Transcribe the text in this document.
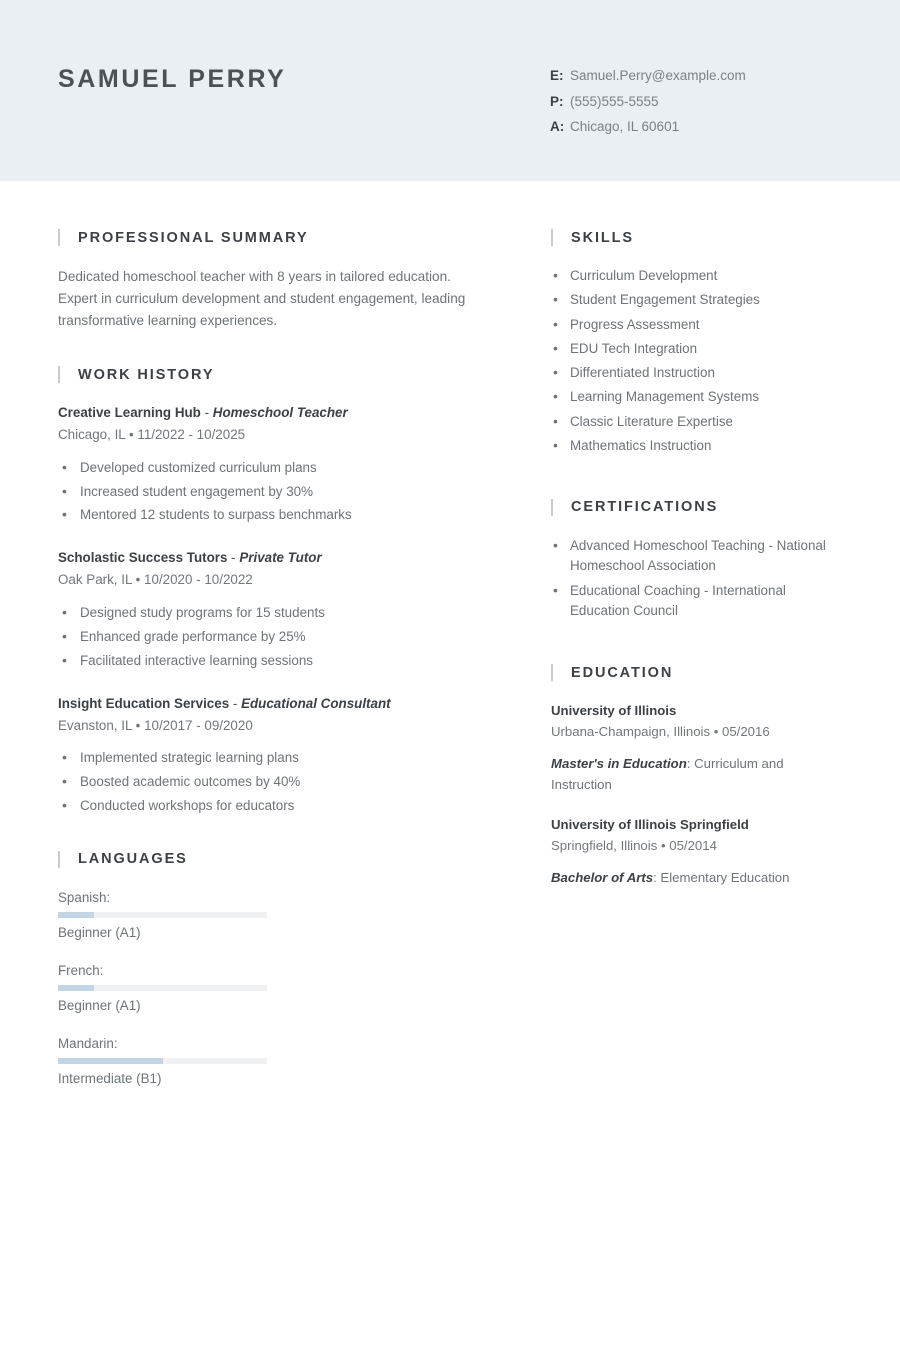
SAMUEL PERRY	E: Samuel.Perry@example.com
P: (555)555-5555
A: Chicago, IL 60601
PROFESSIONAL SUMMARY

Dedicated homeschool teacher with 8 years in tailored education. Expert in curriculum development and student engagement, leading transformative learning experiences.

WORK HISTORY
Creative Learning Hub - Homeschool Teacher
Chicago, IL • 11/2022 - 10/2025
• Developed customized curriculum plans
• Increased student engagement by 30%
• Mentored 12 students to surpass benchmarks
Scholastic Success Tutors - Private Tutor
Oak Park, IL • 10/2020 - 10/2022
• Designed study programs for 15 students
• Enhanced grade performance by 25%
• Facilitated interactive learning sessions
Insight Education Services - Educational Consultant
Evanston, IL • 10/2017 - 09/2020
• Implemented strategic learning plans
• Boosted academic outcomes by 40%
• Conducted workshops for educators
LANGUAGES
Spanish:
Beginner (A1)
French:
Beginner (A1)
Mandarin:
Intermediate (B1)
SKILLS
• Curriculum Development
• Student Engagement Strategies
• Progress Assessment
• EDU Tech Integration
• Differentiated Instruction
• Learning Management Systems
• Classic Literature Expertise
• Mathematics Instruction
CERTIFICATIONS
• Advanced Homeschool Teaching - National Homeschool Association
• Educational Coaching - International Education Council
EDUCATION
University of Illinois
Urbana-Champaign, Illinois • 05/2016
Master's in Education: Curriculum and Instruction
University of Illinois Springfield
Springfield, Illinois • 05/2014
Bachelor of Arts: Elementary Education
